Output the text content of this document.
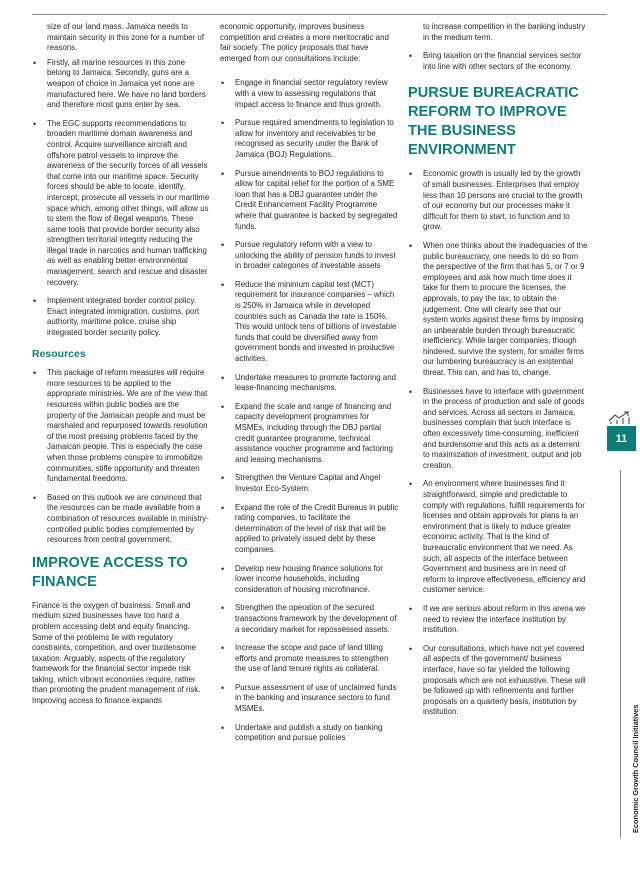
size of our land mass. Jamaica needs to maintain security in this zone for a number of reasons.

• Firstly, all marine resources in this zone belong to Jamaica. Secondly, guns are a weapon of choice in Jamaica yet none are manufactured here. We have no land borders and therefore most guns enter by sea.
• The EGC supports recommendations to broaden maritime domain awareness and control. Acquire surveillance aircraft and offshore patrol vessels to improve the awareness of the security forces of all vessels that come into our maritime space. Security forces should be able to locate, identify, intercept, prosecute all vessels in our maritime space which, among other things, will allow us to stem the flow of illegal weapons. These same tools that provide border security also strengthen territorial integrity reducing the illegal trade in narcotics and human trafficking as well as enabling better environmental management, search and rescue and disaster recovery.
• Implement integrated border control policy. Enact integrated immigration, customs, port authority, maritime police, cruise ship integrated border security policy.
Resources
• This package of reform measures will require more resources to be applied to the appropriate ministries. We are of the view that resources within public bodies are the property of the Jamaican people and must be marshaled and repurposed towards resolution of the most pressing problems faced by the Jamaican people. This is especially the case when those problems conspire to immobilize communities, stifle opportunity and threaten fundamental freedoms.
• Based on this outlook we are convinced that the resources can be made available from a combination of resources available in ministry-controlled public bodies complemented by resources from central government.
IMPROVE ACCESS TO FINANCE

Finance is the oxygen of business. Small and medium sized businesses have too hard a problem accessing debt and equity financing. Some of the problems lie with regulatory constraints, competition, and over burdensome taxation. Arguably, aspects of the regulatory framework for the financial sector impede risk taking, which vibrant economies require, rather than promoting the prudent management of risk. Improving access to finance expands

economic opportunity, improves business competition and creates a more meritocratic and fair society. The policy proposals that have emerged from our consultations include:

• Engage in financial sector regulatory review with a view to assessing regulations that impact access to finance and thus growth.
• Pursue required amendments to legislation to allow for inventory and receivables to be recognised as security under the Bank of Jamaica (BOJ) Regulations.
• Pursue amendments to BOJ regulations to allow for capital relief for the portion of a SME loan that has a DBJ guarantee under the Credit Enhancement Facility Programme where that guarantee is backed by segregated funds.
• Pursue regulatory reform with a view to unlocking the ability of pension funds to invest in broader categories of investable assets
• Reduce the minimum capital test (MCT) requirement for insurance companies – which is 250% in Jamaica while in developed countries such as Canada the rate is 150%. This would unlock tens of billions of investable funds that could be diversified away from government bonds and invested in productive activities.
• Undertake measures to promote factoring and lease-financing mechanisms.
• Expand the scale and range of financing and capacity development programmes for MSMEs, including through the DBJ partial credit guarantee programme, technical assistance voucher programme and factoring and leasing mechanisms.
• Strengthen the Venture Capital and Angel Investor Eco-System.
• Expand the role of the Credit Bureaus in public rating companies, to facilitate the determination of the level of risk that will be applied to privately issued debt by these companies.
• Develop new housing finance solutions for lower income households, including consideration of housing microfinance.
• Strengthen the operation of the secured transactions framework by the development of a secondary market for repossessed assets.
• Increase the scope and pace of land titling efforts and promote measures to strengthen the use of land tenure rights as collateral.
• Pursue assessment of use of unclaimed funds in the banking and insurance sectors to fund MSMEs.
• Undertake and publish a study on banking competition and pursue policies

to increase competition in the banking industry in the medium term.

• Bring taxation on the financial services sector into line with other sectors of the economy.
PURSUE BUREACRATIC REFORM TO IMPROVE THE BUSINESS ENVIRONMENT
• Economic growth is usually led by the growth of small businesses. Enterprises that employ less than 10 persons are crucial to the growth of our economy but our processes make it difficult for them to start, to function and to grow.
• When one thinks about the inadequacies of the public bureaucracy, one needs to do so from the perspective of the firm that has 5, or 7 or 9 employees and ask how much time does it take for them to procure the licenses, the approvals, to pay the tax, to obtain the judgement. One will clearly see that our system works against these firms by imposing an unbearable burden through bureaucratic inefficiency. While larger companies, though hindered, survive the system, for smaller firms our lumbering bureaucracy is an existential threat. This can, and has to, change.
• Businesses have to interface with government in the process of production and sale of goods and services. Across all sectors in Jamaica, businesses complain that such interface is often excessively time-consuming, inefficient and burdensome and this acts as a deterrent to maximization of investment, output and job creation.
• An environment where businesses find it straightforward, simple and predictable to comply with regulations, fulfill requirements for licenses and obtain approvals for plans is an environment that is likely to induce greater economic activity. That is the kind of bureaucratic environment that we need. As such, all aspects of the interface between Government and business are in need of reform to improve effectiveness, efficiency and customer service.
• If we are serious about reform in this arena we need to review the interface institution by institution.
• Our consultations, which have not yet covered all aspects of the government/ business interface, have so far yielded the following proposals which are not exhaustive. These will be followed up with refinements and further proposals on a quarterly basis, institution by institution:
11
Economic Growth Council Initiatives
